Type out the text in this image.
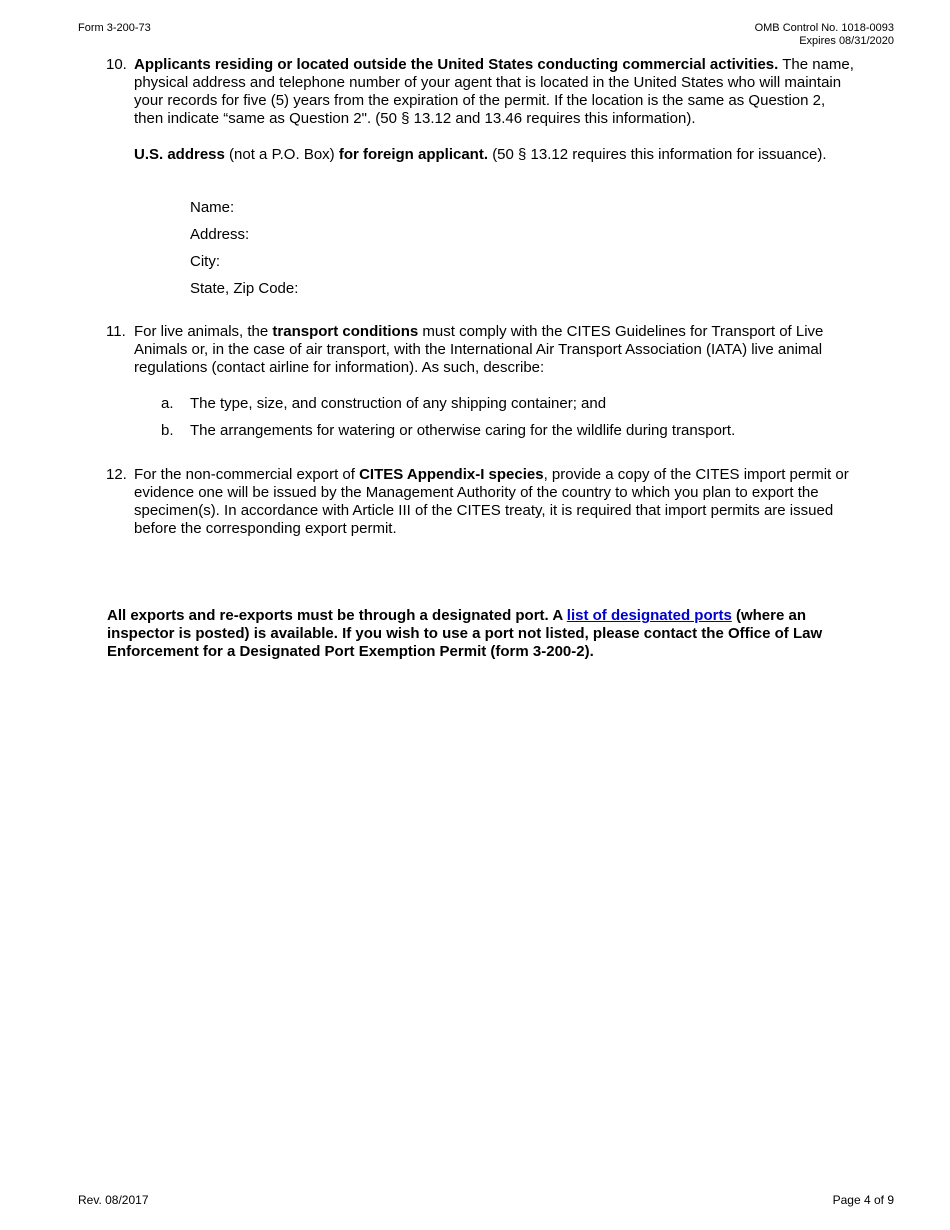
Form 3-200-73	OMB Control No. 1018-0093
Expires 08/31/2020
10. Applicants residing or located outside the United States conducting commercial activities. The name, physical address and telephone number of your agent that is located in the United States who will maintain your records for five (5) years from the expiration of the permit. If the location is the same as Question 2, then indicate “same as Question 2". (50 § 13.12 and 13.46 requires this information).
U.S. address (not a P.O. Box) for foreign applicant. (50 § 13.12 requires this information for issuance).
Name:
Address:
City:
State, Zip Code:
11. For live animals, the transport conditions must comply with the CITES Guidelines for Transport of Live Animals or, in the case of air transport, with the International Air Transport Association (IATA) live animal regulations (contact airline for information). As such, describe:
a. The type, size, and construction of any shipping container; and
b. The arrangements for watering or otherwise caring for the wildlife during transport.
12. For the non-commercial export of CITES Appendix-I species, provide a copy of the CITES import permit or evidence one will be issued by the Management Authority of the country to which you plan to export the specimen(s). In accordance with Article III of the CITES treaty, it is required that import permits are issued before the corresponding export permit.
All exports and re-exports must be through a designated port. A list of designated ports (where an inspector is posted) is available. If you wish to use a port not listed, please contact the Office of Law Enforcement for a Designated Port Exemption Permit (form 3-200-2).
Rev. 08/2017	Page 4 of 9
